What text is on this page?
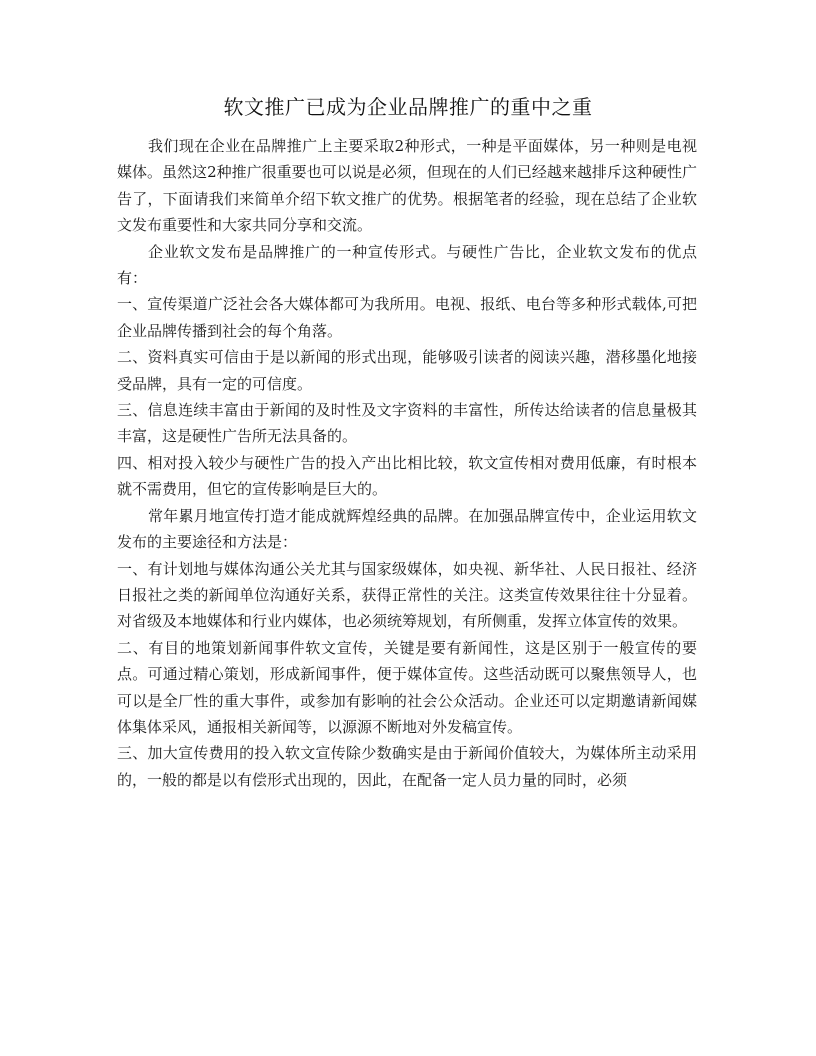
软文推广已成为企业品牌推广的重中之重

我们现在企业在品牌推广上主要采取2种形式，一种是平面媒体，另一种则是电视媒体。虽然这2种推广很重要也可以说是必须，但现在的人们已经越来越排斥这种硬性广告了，下面请我们来简单介绍下软文推广的优势。根据笔者的经验，现在总结了企业软文发布重要性和大家共同分享和交流。

企业软文发布是品牌推广的一种宣传形式。与硬性广告比，企业软文发布的优点有：

一、宣传渠道广泛社会各大媒体都可为我所用。电视、报纸、电台等多种形式载体,可把企业品牌传播到社会的每个角落。

二、资料真实可信由于是以新闻的形式出现，能够吸引读者的阅读兴趣，潜移墨化地接受品牌，具有一定的可信度。

三、信息连续丰富由于新闻的及时性及文字资料的丰富性，所传达给读者的信息量极其丰富，这是硬性广告所无法具备的。

四、相对投入较少与硬性广告的投入产出比相比较，软文宣传相对费用低廉，有时根本就不需费用，但它的宣传影响是巨大的。

常年累月地宣传打造才能成就辉煌经典的品牌。在加强品牌宣传中，企业运用软文发布的主要途径和方法是：

一、有计划地与媒体沟通公关尤其与国家级媒体，如央视、新华社、人民日报社、经济日报社之类的新闻单位沟通好关系，获得正常性的关注。这类宣传效果往往十分显着。对省级及本地媒体和行业内媒体，也必须统筹规划，有所侧重，发挥立体宣传的效果。

二、有目的地策划新闻事件软文宣传，关键是要有新闻性，这是区别于一般宣传的要点。可通过精心策划，形成新闻事件，便于媒体宣传。这些活动既可以聚焦领导人，也可以是全厂性的重大事件，或参加有影响的社会公众活动。企业还可以定期邀请新闻媒体集体采风，通报相关新闻等，以源源不断地对外发稿宣传。

三、加大宣传费用的投入软文宣传除少数确实是由于新闻价值较大，为媒体所主动采用的，一般的都是以有偿形式出现的，因此，在配备一定人员力量的同时，必须
